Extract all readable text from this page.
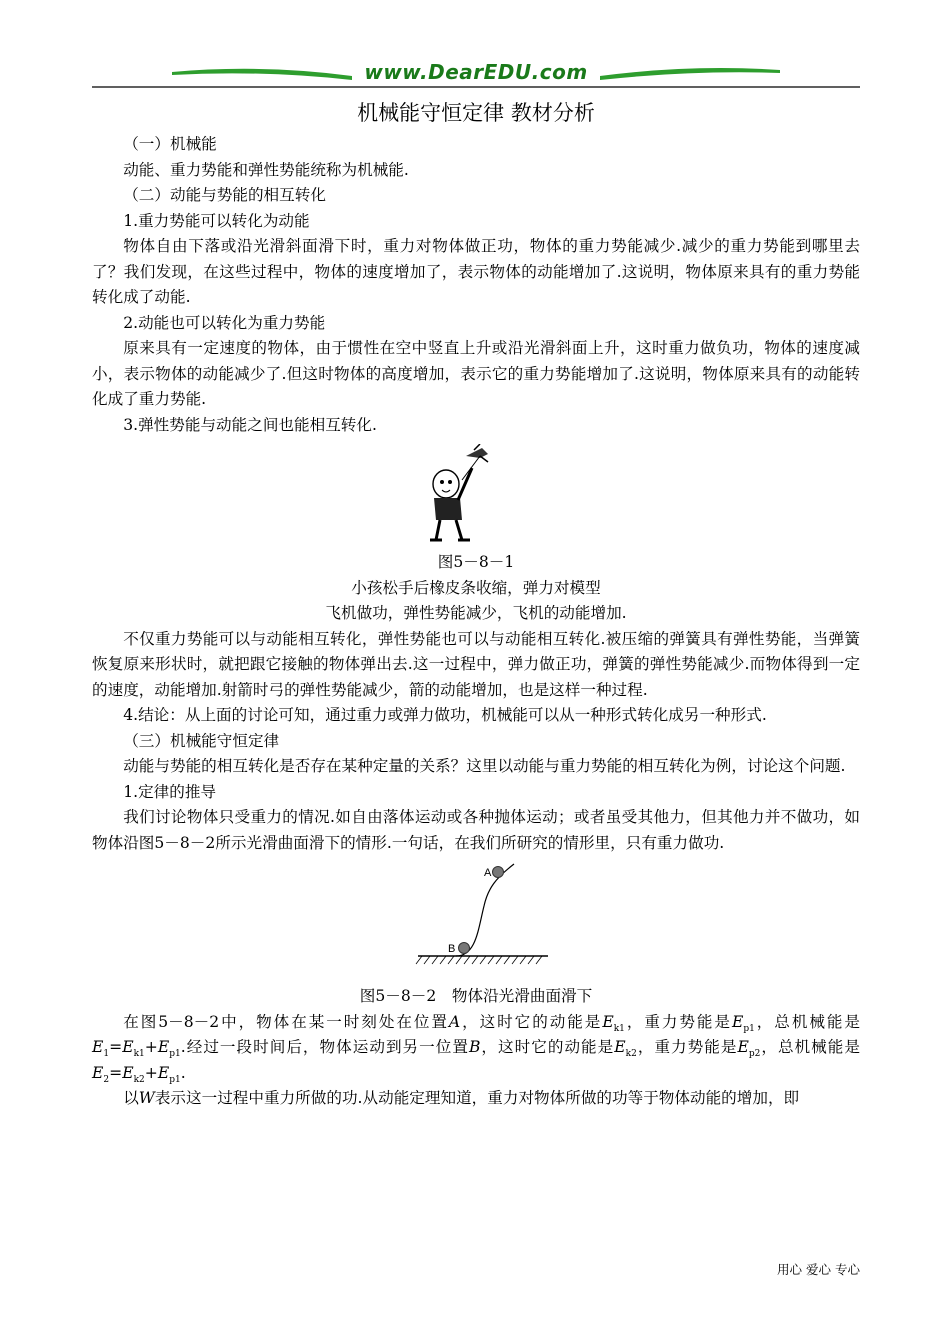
www.DearEDU.com
机械能守恒定律 教材分析

（一）机械能

动能、重力势能和弹性势能统称为机械能.

（二）动能与势能的相互转化

1.重力势能可以转化为动能

物体自由下落或沿光滑斜面滑下时，重力对物体做正功，物体的重力势能减少.减少的重力势能到哪里去了？我们发现，在这些过程中，物体的速度增加了，表示物体的动能增加了.这说明，物体原来具有的重力势能转化成了动能.

2.动能也可以转化为重力势能

原来具有一定速度的物体，由于惯性在空中竖直上升或沿光滑斜面上升，这时重力做负功，物体的速度减小，表示物体的动能减少了.但这时物体的高度增加，表示它的重力势能增加了.这说明，物体原来具有的动能转化成了重力势能.

3.弹性势能与动能之间也能相互转化.

图5－8－1

小孩松手后橡皮条收缩，弹力对模型

飞机做功，弹性势能减少，飞机的动能增加.

不仅重力势能可以与动能相互转化，弹性势能也可以与动能相互转化.被压缩的弹簧具有弹性势能，当弹簧恢复原来形状时，就把跟它接触的物体弹出去.这一过程中，弹力做正功，弹簧的弹性势能减少.而物体得到一定的速度，动能增加.射箭时弓的弹性势能减少，箭的动能增加，也是这样一种过程.

4.结论：从上面的讨论可知，通过重力或弹力做功，机械能可以从一种形式转化成另一种形式.

（三）机械能守恒定律

动能与势能的相互转化是否存在某种定量的关系？这里以动能与重力势能的相互转化为例，讨论这个问题.

1.定律的推导

我们讨论物体只受重力的情况.如自由落体运动或各种抛体运动；或者虽受其他力，但其他力并不做功，如物体沿图5－8－2所示光滑曲面滑下的情形.一句话，在我们所研究的情形里，只有重力做功.

A
B

图5－8－2　物体沿光滑曲面滑下

在图5－8－2中，物体在某一时刻处在位置A，这时它的动能是$E_{k1}$，重力势能是$E_{p1}$，总机械能是$E_1=E_{k1}+E_{p1}$.经过一段时间后，物体运动到另一位置B，这时它的动能是$E_{k2}$，重力势能是$E_{p2}$，总机械能是$E_2=E_{k2}+E_{p1}$.

以W表示这一过程中重力所做的功.从动能定理知道，重力对物体所做的功等于物体动能的增加，即

用心 爱心 专心
